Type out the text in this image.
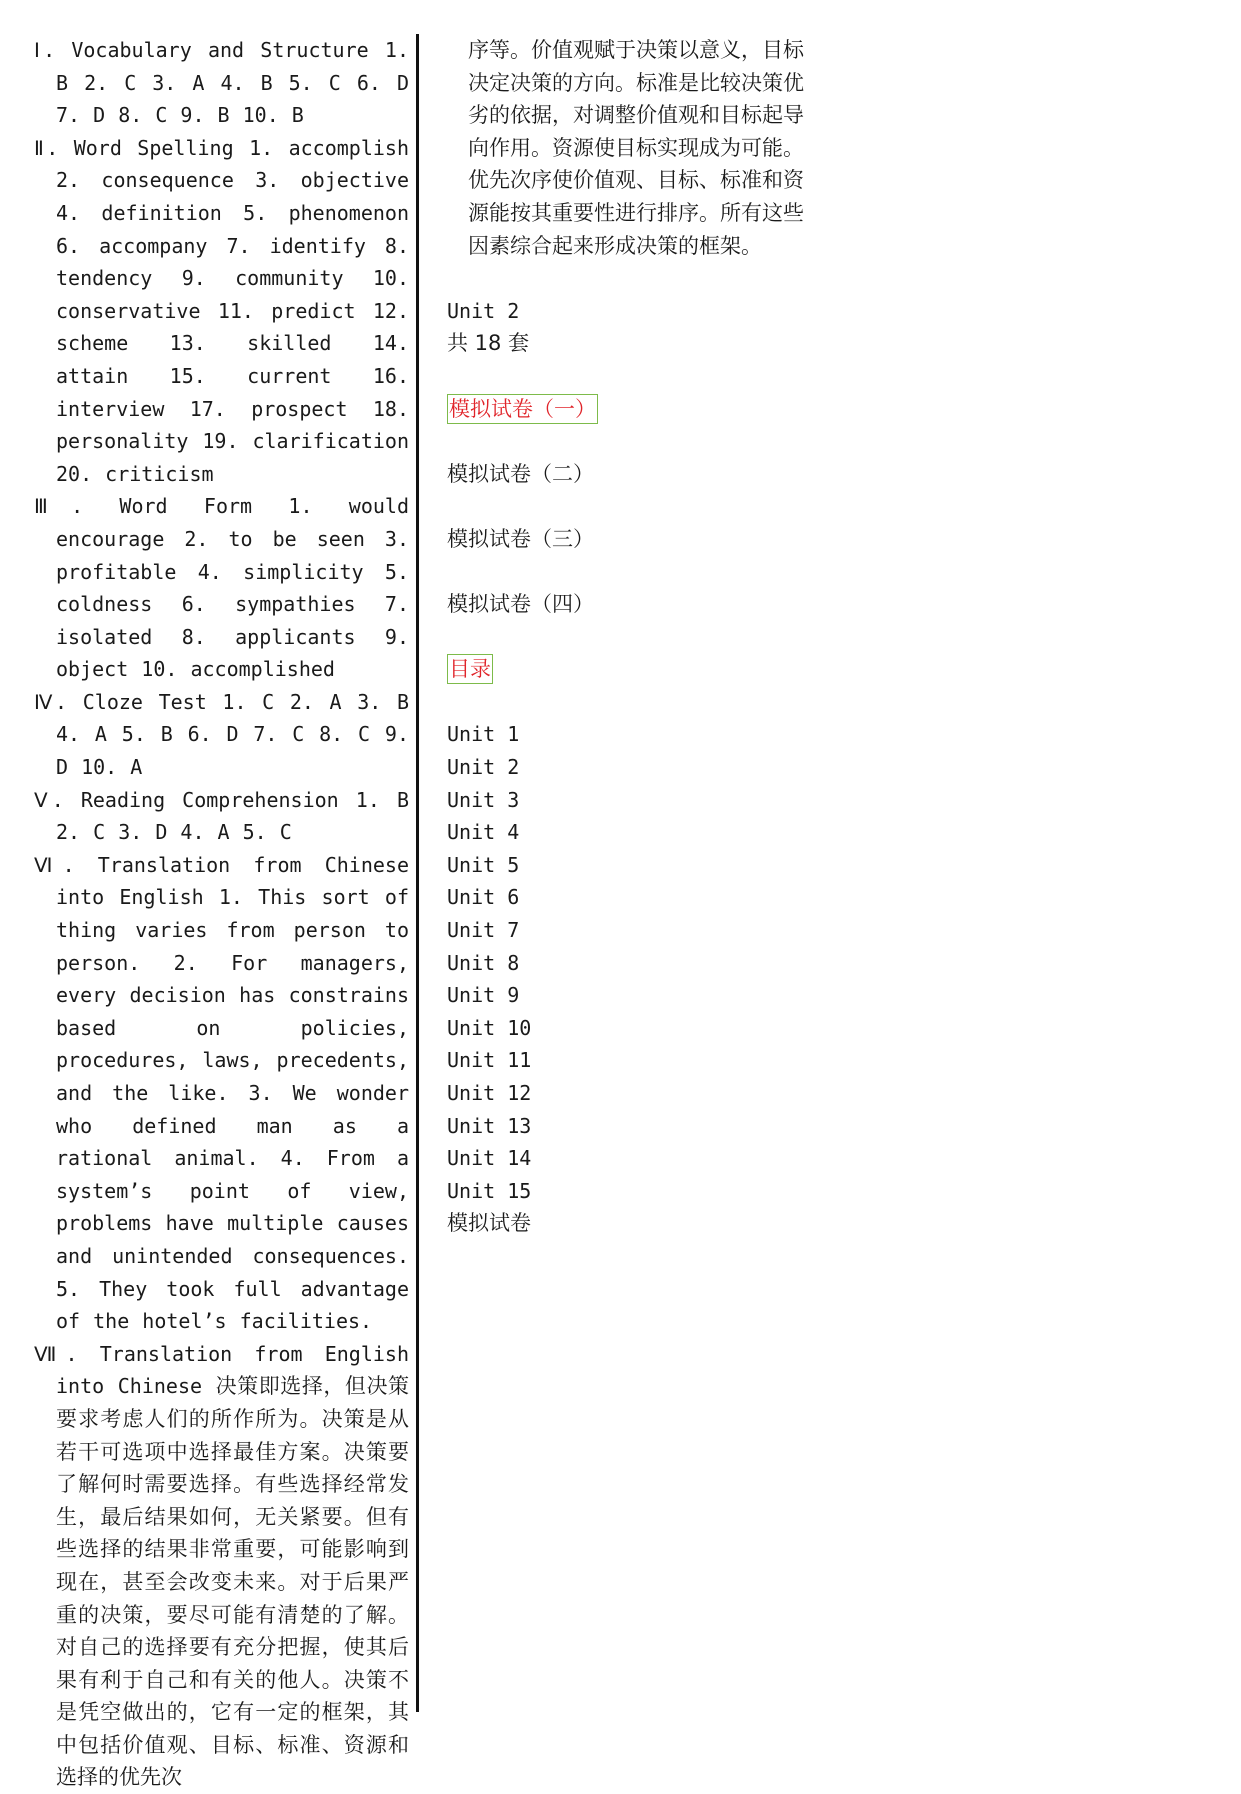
Ⅰ. Vocabulary and Structure 1. B 2. C 3. A 4. B 5. C 6. D 7. D 8. C 9. B 10. B

Ⅱ. Word Spelling 1. accomplish 2. consequence 3. objective 4. definition 5. phenomenon 6. accompany 7. identify 8. tendency 9. community 10. conservative 11. predict 12. scheme 13. skilled 14. attain 15. current 16. interview 17. prospect 18. personality 19. clarification 20. criticism

Ⅲ. Word Form 1. would encourage 2. to be seen 3. profitable 4. simplicity 5. coldness 6. sympathies 7. isolated 8. applicants 9. object 10. accomplished

Ⅳ. Cloze Test 1. C 2. A 3. B 4. A 5. B 6. D 7. C 8. C 9. D 10. A

Ⅴ. Reading Comprehension 1. B 2. C 3. D 4. A 5. C

Ⅵ. Translation from Chinese into English 1. This sort of thing varies from person to person. 2. For managers, every decision has constrains based on policies, procedures, laws, precedents, and the like. 3. We wonder who defined man as a rational animal. 4. From a system’s point of view, problems have multiple causes and unintended consequences. 5. They took full advantage of the hotel’s facilities.

Ⅶ. Translation from English into Chinese 决策即选择，但决策要求考虑人们的所作所为。决策是从若干可选项中选择最佳方案。决策要了解何时需要选择。有些选择经常发生，最后结果如何，无关紧要。但有些选择的结果非常重要，可能影响到现在，甚至会改变未来。对于后果严重的决策，要尽可能有清楚的了解。对自己的选择要有充分把握，使其后果有利于自己和有关的他人。决策不是凭空做出的，它有一定的框架，其中包括价值观、目标、标准、资源和选择的优先次

序等。价值观赋于决策以意义，目标决定决策的方向。标准是比较决策优劣的依据，对调整价值观和目标起导向作用。资源使目标实现成为可能。优先次序使价值观、目标、标准和资源能按其重要性进行排序。所有这些因素综合起来形成决策的框架。

Unit 2
共 18 套
模拟试卷（一）
模拟试卷（二）
模拟试卷（三）
模拟试卷（四）
目录
Unit 1
Unit 2
Unit 3
Unit 4
Unit 5
Unit 6
Unit 7
Unit 8
Unit 9
Unit 10
Unit 11
Unit 12
Unit 13
Unit 14
Unit 15
模拟试卷
